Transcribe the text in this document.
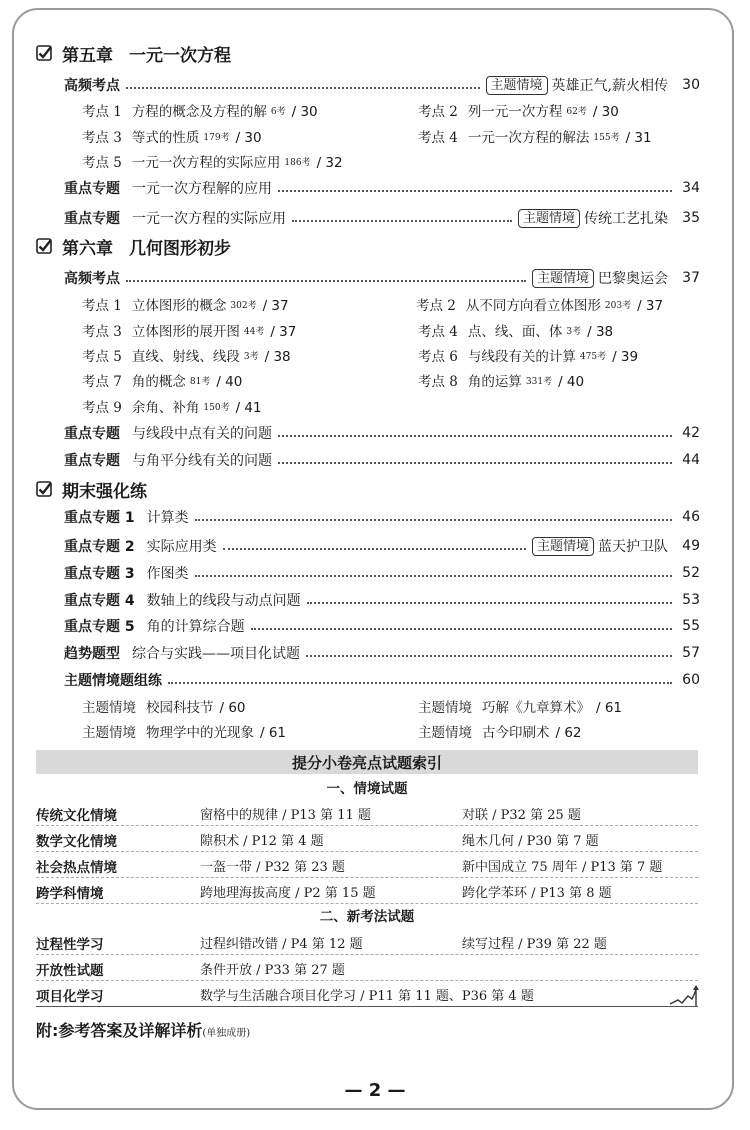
第五章 一元一次方程
高频考点	主题情境 英雄正气,薪火相传 30
考点 1 方程的概念及方程的解 $^{6考}$ / 30	考点 2 列一元一次方程 $^{62考}$ / 30
考点 3 等式的性质 $^{179考}$ / 30	考点 4 一元一次方程的解法 $^{155考}$ / 31
考点 5 一元一次方程的实际应用 $^{186考}$ / 32
重点专题 一元一次方程解的应用	34
重点专题 一元一次方程的实际应用	主题情境 传统工艺扎染 35
第六章 几何图形初步
高频考点	主题情境 巴黎奥运会 37
考点 1 立体图形的概念 $^{302考}$ / 37	考点 2 从不同方向看立体图形 $^{203考}$ / 37
考点 3 立体图形的展开图 $^{44考}$ / 37	考点 4 点、线、面、体 $^{3考}$ / 38
考点 5 直线、射线、线段 $^{3考}$ / 38	考点 6 与线段有关的计算 $^{475考}$ / 39
考点 7 角的概念 $^{81考}$ / 40	考点 8 角的运算 $^{331考}$ / 40
考点 9 余角、补角 $^{150考}$ / 41
重点专题 与线段中点有关的问题	42
重点专题 与角平分线有关的问题	44
期末强化练
重点专题 1 计算类	46
重点专题 2 实际应用类	主题情境 蓝天护卫队 49
重点专题 3 作图类	52
重点专题 4 数轴上的线段与动点问题	53
重点专题 5 角的计算综合题	55
趋势题型 综合与实践——项目化试题	57
主题情境题组练	60
主题情境 校园科技节 / 60	主题情境 巧解《九章算术》 / 61
主题情境 物理学中的光现象 / 61	主题情境 古今印刷术 / 62
提分小卷亮点试题索引
一、情境试题
传统文化情境	窗格中的规律 / P13 第 11 题	对联 / P32 第 25 题
数学文化情境	隙积术 / P12 第 4 题	绳木几何 / P30 第 7 题
社会热点情境	一盔一带 / P32 第 23 题	新中国成立 75 周年 / P13 第 7 题
跨学科情境	跨地理海拔高度 / P2 第 15 题	跨化学苯环 / P13 第 8 题
二、新考法试题
过程性学习	过程纠错改错 / P4 第 12 题	续写过程 / P39 第 22 题
开放性试题	条件开放 / P33 第 27 题
项目化学习	数学与生活融合项目化学习 / P11 第 11 题、P36 第 4 题
附:参考答案及详解详析(单独成册)
— 2 —
